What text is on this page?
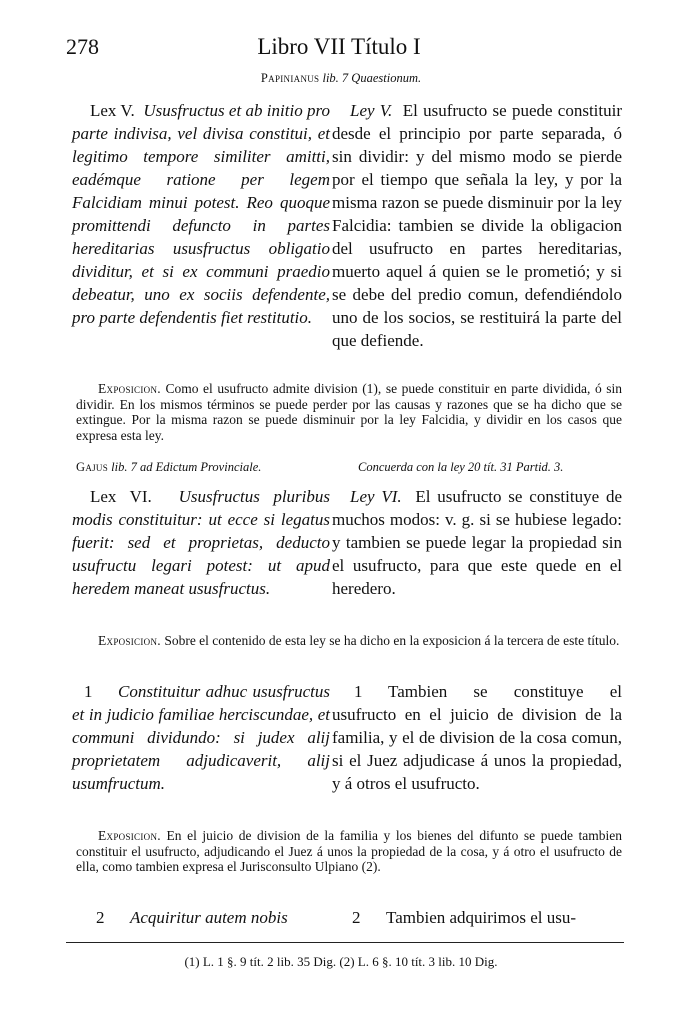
278	Libro VII Título I
Papinianus lib. 7 Quaestionum.
Lex V. Ususfructus et ab initio pro parte indivisa, vel divisa constitui, et legitimo tempore similiter amitti, eadémque ratione per legem Falcidiam minui potest. Reo quoque promittendi defuncto in partes hereditarias ususfructus obligatio dividitur, et si ex communi praedio debeatur, uno ex sociis defendente, pro parte defendentis fiet restitutio.
Ley V. El usufructo se puede constituir desde el principio por parte separada, ó sin dividir: y del mismo modo se pierde por el tiempo que señala la ley, y por la misma razon se puede disminuir por la ley Falcidia: tambien se divide la obligacion del usufructo en partes hereditarias, muerto aquel á quien se le prometió; y si se debe del predio comun, defendiéndolo uno de los socios, se restituirá la parte del que defiende.
Exposicion. Como el usufructo admite division (1), se puede constituir en parte dividida, ó sin dividir. En los mismos términos se puede perder por las causas y razones que se ha dicho que se extingue. Por la misma razon se puede disminuir por la ley Falcidia, y dividir en los casos que expresa esta ley.
Gajus lib. 7 ad Edictum Provinciale.	Concuerda con la ley 20 tít. 31 Partid. 3.
Lex VI. Ususfructus pluribus modis constituitur: ut ecce si legatus fuerit: sed et proprietas, deducto usufructu legari potest: ut apud heredem maneat ususfructus.
Ley VI. El usufructo se constituye de muchos modos: v. g. si se hubiese legado: y tambien se puede legar la propiedad sin el usufructo, para que este quede en el heredero.
Exposicion. Sobre el contenido de esta ley se ha dicho en la exposicion á la tercera de este título.
1 Constituitur adhuc ususfructus et in judicio familiae herciscundae, et communi dividundo: si judex alij proprietatem adjudicaverit, alij usumfructum.
1 Tambien se constituye el usufructo en el juicio de division de la familia, y el de division de la cosa comun, si el Juez adjudicase á unos la propiedad, y á otros el usufructo.
Exposicion. En el juicio de division de la familia y los bienes del difunto se puede tambien constituir el usufructo, adjudicando el Juez á unos la propiedad de la cosa, y á otro el usufructo de ella, como tambien expresa el Jurisconsulto Ulpiano (2).
2 Acquiritur autem nobis	2 Tambien adquirimos el usu-
(1) L. 1 §. 9 tít. 2 lib. 35 Dig. (2) L. 6 §. 10 tít. 3 lib. 10 Dig.
